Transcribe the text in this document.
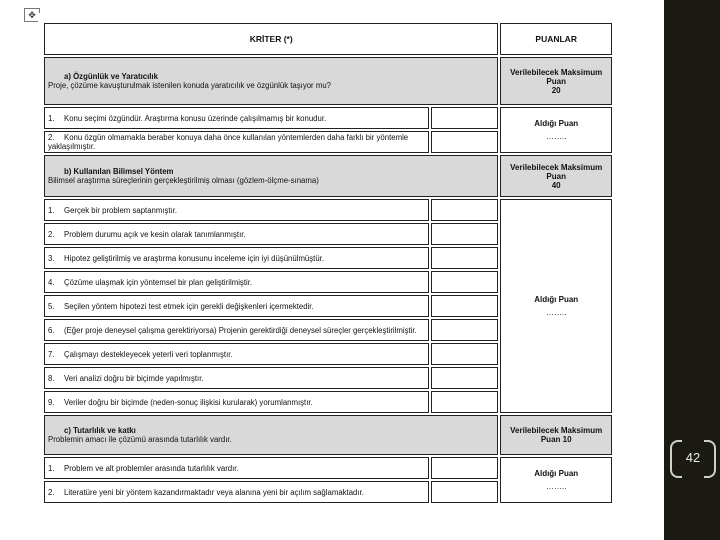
✥
KRİTER (*)		PUANLAR
a) Özgünlük ve Yaratıcılık
Proje, çözüme kavuşturulmak istenilen konuda yaratıcılık ve özgünlük taşıyor mu?		Verilebilecek Maksimum Puan
20
1. Konu seçimi özgündür. Araştırma konusu üzerinde çalışılmamış bir konudur.		Aldığı Puan
……..

2. Konu özgün olmamakla beraber konuya daha önce kullanılan yöntemlerden daha farklı bir yöntemle yaklaşılmıştır.		
b) Kullanılan Bilimsel Yöntem
Bilimsel araştırma süreçlerinin gerçekleştirilmiş olması (gözlem-ölçme-sınama)		Verilebilecek Maksimum Puan
40
1. Gerçek bir problem saptanmıştır.		Aldığı Puan
……..

2. Problem durumu açık ve kesin olarak tanımlanmıştır.		
3. Hipotez geliştirilmiş ve araştırma konusunu inceleme için iyi düşünülmüştür.		
4. Çözüme ulaşmak için yöntemsel bir plan geliştirilmiştir.		
5. Seçilen yöntem hipotezi test etmek için gerekli değişkenleri içermektedir.		
6. (Eğer proje deneysel çalışma gerektiriyorsa) Projenin gerektirdiği deneysel süreçler gerçekleştirilmiştir.		
7. Çalışmayı destekleyecek yeterli veri toplanmıştır.		
8. Veri analizi doğru bir biçimde yapılmıştır.		
9. Veriler doğru bir biçimde (neden-sonuç ilişkisi kurularak) yorumlanmıştır.		
c) Tutarlılık ve katkı
Problemin amacı ile çözümü arasında tutarlılık vardır.		Verilebilecek Maksimum Puan 10
1. Problem ve alt problemler arasında tutarlılık vardır.		Aldığı Puan
……..

2. Literatüre yeni bir yöntem kazandırmaktadır veya alanına yeni bir açılım sağlamaktadır.		
42
